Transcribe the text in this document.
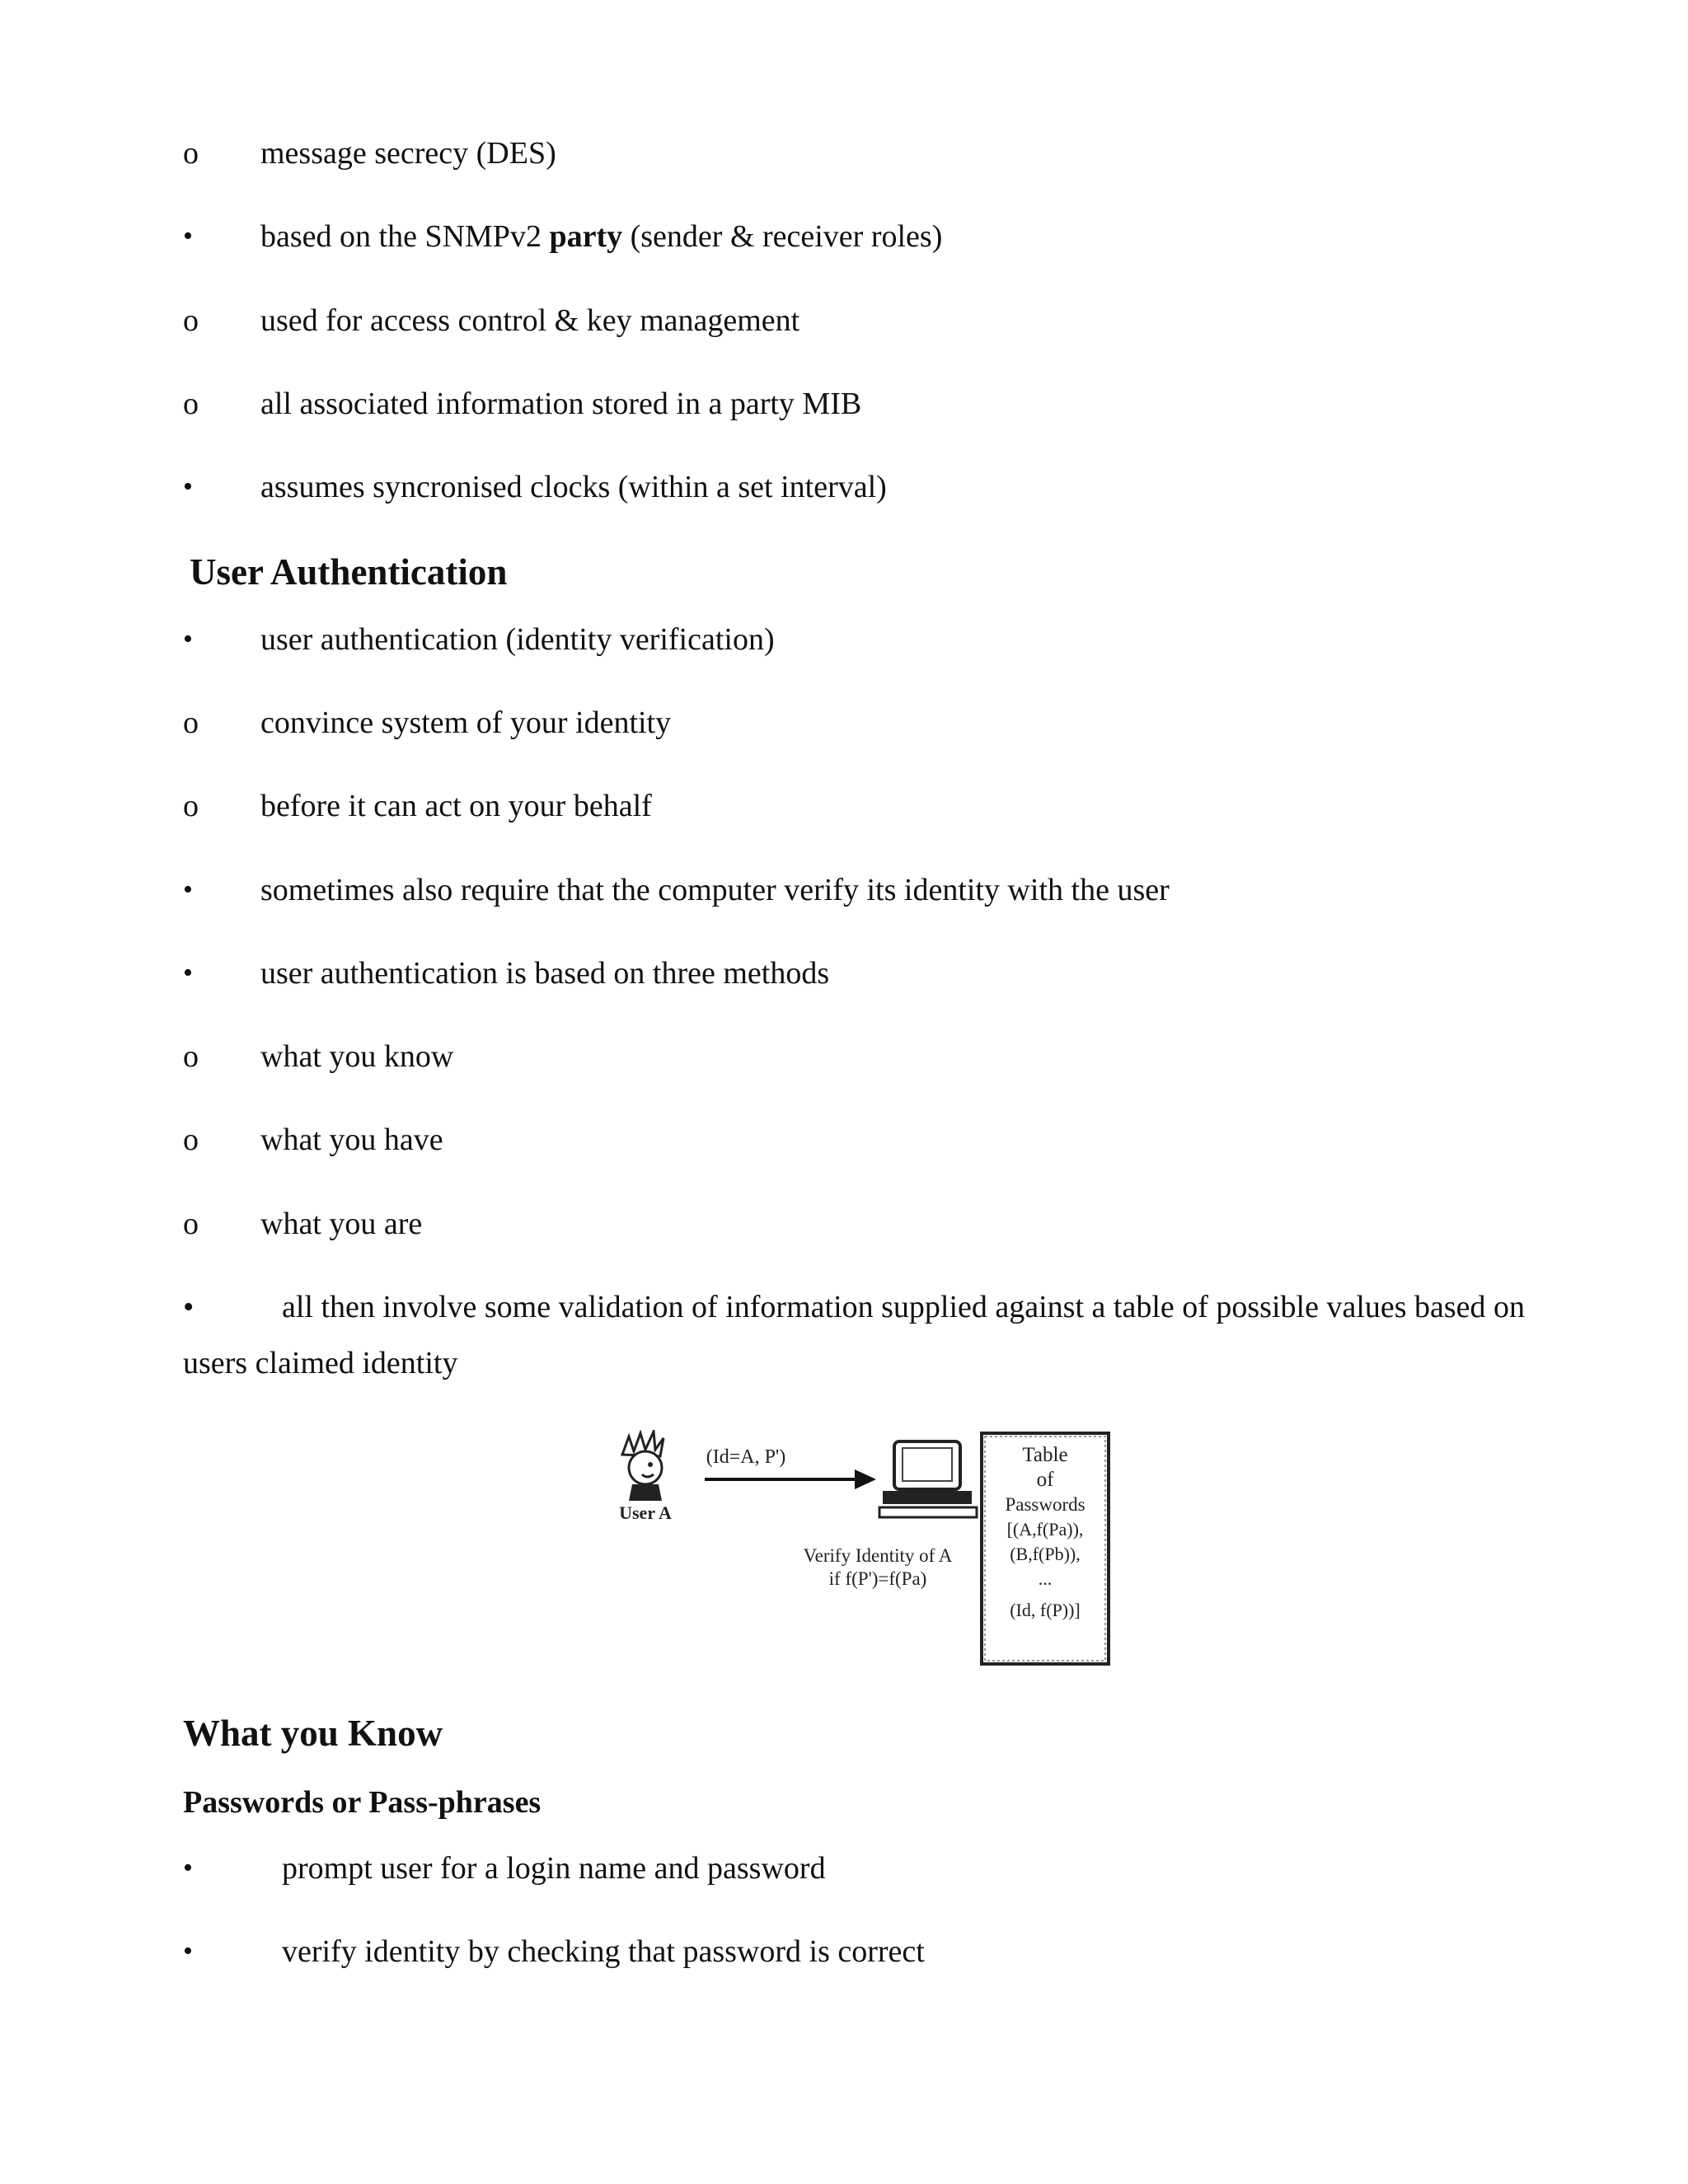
o message secrecy (DES)
• based on the SNMPv2 party (sender & receiver roles)
o used for access control & key management
o all associated information stored in a party MIB
• assumes syncronised clocks (within a set interval)
User Authentication
• user authentication (identity verification)
o convince system of your identity
o before it can act on your behalf
• sometimes also require that the computer verify its identity with the user
• user authentication is based on three methods
o what you know
o what you have
o what you are
•	all then involve some validation of information supplied against a table of possible values based on users claimed identity
User A
(Id=A, P')
Verify Identity of A
if f(P')=f(Pa)
Table
of
Passwords
[(A,f(Pa)),
(B,f(Pb)),
...
(Id, f(P))]
What you Know
Passwords or Pass-phrases
•	prompt user for a login name and password
•	verify identity by checking that password is correct
